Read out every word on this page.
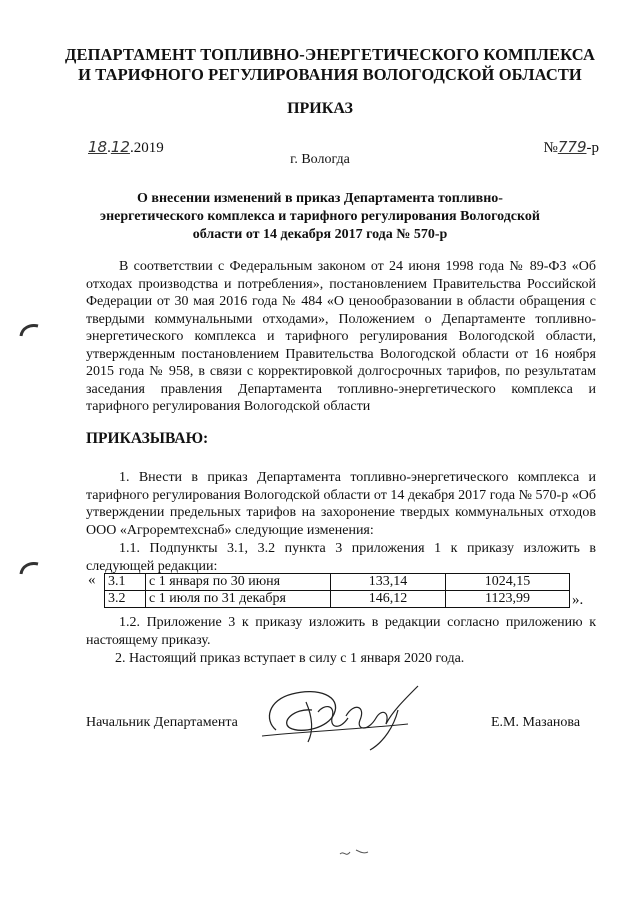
ДЕПАРТАМЕНТ ТОПЛИВНО-ЭНЕРГЕТИЧЕСКОГО КОМПЛЕКСА
И ТАРИФНОГО РЕГУЛИРОВАНИЯ ВОЛОГОДСКОЙ ОБЛАСТИ
ПРИКАЗ
18.12.2019	№779-р
г. Вологда
О внесении изменений в приказ Департамента топливно-
энергетического комплекса и тарифного регулирования Вологодской
области от 14 декабря 2017 года № 570-р
В соответствии с Федеральным законом от 24 июня 1998 года № 89-ФЗ «Об отходах производства и потребления», постановлением Правительства Российской Федерации от 30 мая 2016 года № 484 «О ценообразовании в области обращения с твердыми коммунальными отходами», Положением о Департаменте топливно-энергетического комплекса и тарифного регулирования Вологодской области, утвержденным постановлением Правительства Вологодской области от 16 ноября 2015 года № 958, в связи с корректировкой долгосрочных тарифов, по результатам заседания правления Департамента топливно-энергетического комплекса и тарифного регулирования Вологодской области
ПРИКАЗЫВАЮ:
1. Внести в приказ Департамента топливно-энергетического комплекса и тарифного регулирования Вологодской области от 14 декабря 2017 года № 570-р «Об утверждении предельных тарифов на захоронение твердых коммунальных отходов ООО «Агроремтехснаб» следующие изменения:
1.1. Подпункты 3.1, 3.2 пункта 3 приложения 1 к приказу изложить в следующей редакции:
« 3.1	с 1 января по 30 июня	133,14	1024,15
3.2	с 1 июля по 31 декабря	146,12	1123,99	».
1.2. Приложение 3 к приказу изложить в редакции согласно приложению к настоящему приказу.
2. Настоящий приказ вступает в силу с 1 января 2020 года.
Начальник Департамента	Е.М. Мазанова
